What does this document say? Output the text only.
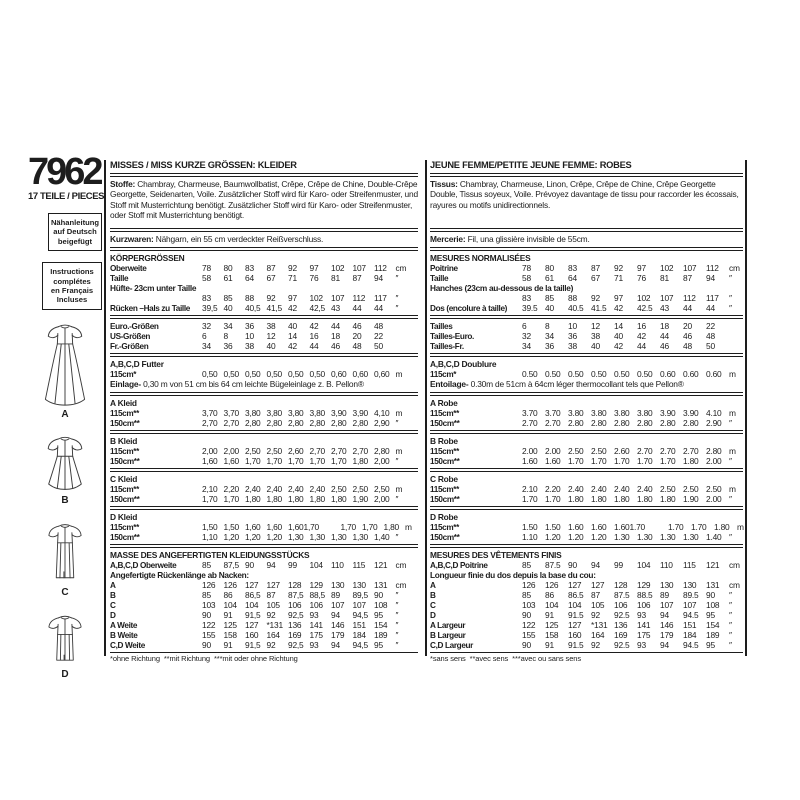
7962
17 TEILE / PIECES
Nähanleitung
auf Deutsch
beigefügt
Instructions
complétes
en Français
Incluses
A
B
C
D
MISSES / MISS KURZE GRÖSSEN: KLEIDER
Stoffe: Chambray, Charmeuse, Baumwollbatist, Crêpe, Crêpe de Chine, Double-Crêpe Georgette, Seidenarten, Voile. Zusätzlicher Stoff wird für Karo- oder Streifenmuster, und Stoff mit Musterrichtung benötigt. Zusätzlicher Stoff wird für Karo- oder Streifenmuster, oder Stoff mit Musterrichtung benötigt.
Kurzwaren: Nähgarn, ein 55 cm verdeckter Reißverschluss.
KÖRPERGRÖSSEN
Oberweite	78	80	83	87	92	97	102 107 112	cm
Taille	58	61	64	67	71	76	81	87	94	″
Hüfte- 23cm unter Taille
83	85	88	92	97	102 107 112	117	″
Rücken –Hals zu Taille	39,5 40	40,5 41,5 42	42,5 43	44	44	″
Euro.-Größen	32	34	36	38	40	42	44	46	48
US-Größen	6	8	10	12	14	16	18	20	22
Fr.-Größen	34	36	38	40	42	44	46	48	50
A,B,C,D Futter
115cm*	0,50 0,50 0,50 0,50 0,50 0,50 0,60 0,60 0,60 m
Einlage- 0,30 m von 51 cm bis 64 cm leichte Bügeleinlage z. B. Pellon®
A Kleid
115cm**	3,70 3,70 3,80 3,80 3,80 3,80 3,90 3,90 4,10 m
150cm**	2,70 2,70 2,80 2,80 2,80 2,80 2,80 2,80 2,90 ″
B Kleid
115cm**	2,00 2,00 2,50 2,50 2,60 2,70 2,70 2,70 2,80 m
150cm**	1,60 1,60 1,70 1,70 1,70 1,70 1,70 1,80 2,00 ″
C Kleid
115cm**	2,10 2,20 2,40 2,40 2,40 2,40 2,50 2,50 2,50 m
150cm**	1,70 1,70 1,80 1,80 1,80 1,80 1,80 1,90 2,00 ″
D Kleid
115cm**	1,50 1,50 1,60 1,60 1,601,70	1,70 1,70 1,80 m
150cm**	1,10 1,20 1,20 1,20 1,30 1,30 1,30 1,30 1,40 ″
MASSE DES ANGEFERTIGTEN KLEIDUNGSSTÜCKS
A,B,C,D Oberweite	85	87,5 90	94	99	104 110	115	121 cm
Angefertigte Rückenlänge ab Nacken:
A	126 126 127 127 128 129 130 130 131 cm
B	85	86	86,5 87	87,5 88,5 89	89,5 90	″
C	103 104 104 105 106 106 107 107 108 ″
D	90	91	91,5 92	92,5 93	94	94,5 95	″
A Weite	122 125 127 *131 136 141 146 151 154 ″
B Weite	155 158 160 164 169 175 179 184 189 ″
C,D Weite	90	91	91,5 92	92,5 93	94	94,5 95	″
*ohne Richtung  **mit Richtung  ***mit oder ohne Richtung
JEUNE FEMME/PETITE JEUNE FEMME: ROBES
Tissus: Chambray, Charmeuse, Linon, Crêpe, Crêpe de Chine, Crêpe Georgette Double, Tissus soyeux, Voile. Prévoyez davantage de tissu pour raccorder les écossais, rayures ou motifs unidirectionnels.
Mercerie: Fil, una glissière invisible de 55cm.
MESURES NORMALISÉES
Poitrine	78	80	83	87	92	97	102	107	112	cm
Taille	58	61	64	67	71	76	81	87	94	″
Hanches (23cm au-dessous de la taille)
83	85	88	92	97	102	107	112	117	″
Dos (encolure à taille)	39.5 40	40.5 41.5 42	42.5 43	44	44	″
Tailles	6	8	10	12	14	16	18	20	22
Tailles-Euro.	32	34	36	38	40	42	44	46	48
Tailles-Fr.	34	36	38	40	42	44	46	48	50
A,B,C,D Doublure
115cm*	0.50 0.50 0.50 0.50 0.50 0.50 0.60 0.60 0.60 m
Entoilage- 0.30m de 51cm à 64cm léger thermocollant tels que Pellon®
A Robe
115cm**	3.70 3.70 3.80 3.80 3.80 3.80 3.90 3.90 4.10 m
150cm**	2.70 2.70 2.80 2.80 2.80 2.80 2.80 2.80 2.90 ″
B Robe
115cm**	2.00 2.00 2.50 2.50 2.60 2.70 2.70 2.70 2.80 m
150cm**	1.60 1.60 1.70 1.70 1.70 1.70 1.70 1.80 2.00 ″
C Robe
115cm**	2.10 2.20 2.40 2.40 2.40 2.40 2.50 2.50 2.50 m
150cm**	1.70 1.70 1.80 1.80 1.80 1.80 1.80 1.90 2.00 ″
D Robe
115cm**	1.50 1.50 1.60 1.60 1.601.70	1.70 1.70 1.80 m
150cm**	1.10 1.20 1.20 1.20 1.30 1.30 1.30 1.30 1.40 ″
MESURES DES VÊTEMENTS FINIS
A,B,C,D Poitrine	85	87.5 90	94	99	104	110	115	121	cm
Longueur finie du dos depuis la base du cou:
A	126	126	127	127	128	129	130	130	131	cm
B	85	86	86.5 87	87.5 88.5 89	89.5 90	″
C	103	104	104	105	106	106	107	107	108	″
D	90	91	91.5 92	92.5 93	94	94.5 95	″
A Largeur	122	125	127	*131 136	141	146	151	154	″
B Largeur	155	158	160	164	169	175	179	184	189	″
C,D Largeur	90	91	91.5 92	92.5 93	94	94.5 95	″
*sans sens  **avec sens  ***avec ou sans sens
